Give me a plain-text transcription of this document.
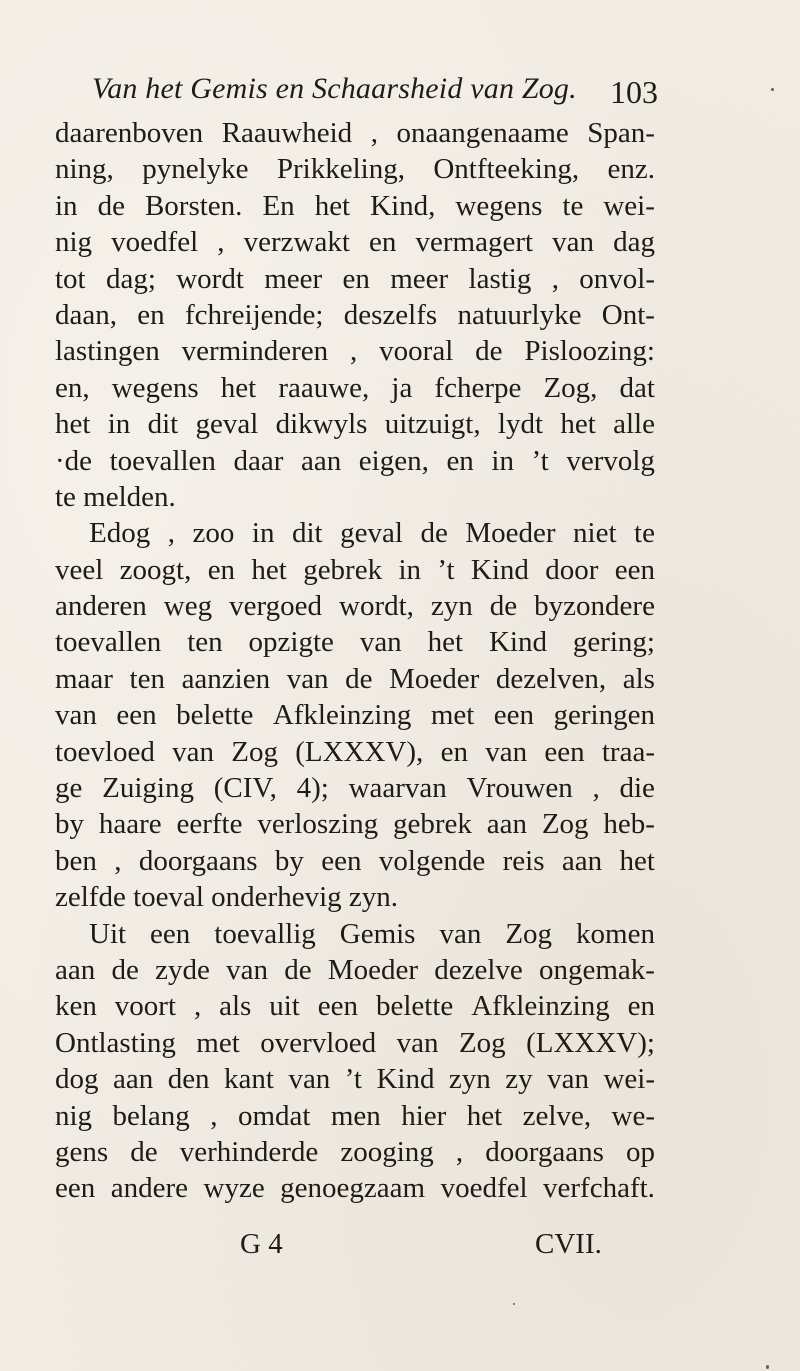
Van het Gemis en Schaarsheid van Zog. 103
daarenboven Raauwheid , onaangenaame Span-
ning, pynelyke Prikkeling, Ontfteeking, enz.
in de Borsten. En het Kind, wegens te wei-
nig voedfel , verzwakt en vermagert van dag
tot dag; wordt meer en meer lastig , onvol-
daan, en fchreijende; deszelfs natuurlyke Ont-
lastingen verminderen , vooral de Pisloozing:
en, wegens het raauwe, ja fcherpe Zog, dat
het in dit geval dikwyls uitzuigt, lydt het alle
·de toevallen daar aan eigen, en in ’t vervolg
te melden.
Edog , zoo in dit geval de Moeder niet te
veel zoogt, en het gebrek in ’t Kind door een
anderen weg vergoed wordt, zyn de byzondere
toevallen ten opzigte van het Kind gering;
maar ten aanzien van de Moeder dezelven, als
van een belette Afkleinzing met een geringen
toevloed van Zog (LXXXV), en van een traa-
ge Zuiging (CIV, 4); waarvan Vrouwen , die
by haare eerfte verloszing gebrek aan Zog heb-
ben , doorgaans by een volgende reis aan het
zelfde toeval onderhevig zyn.
Uit een toevallig Gemis van Zog komen
aan de zyde van de Moeder dezelve ongemak-
ken voort , als uit een belette Afkleinzing en
Ontlasting met overvloed van Zog (LXXXV);
dog aan den kant van ’t Kind zyn zy van wei-
nig belang , omdat men hier het zelve, we-
gens de verhinderde zooging , doorgaans op
een andere wyze genoegzaam voedfel verfchaft.
G 4	CVII.
